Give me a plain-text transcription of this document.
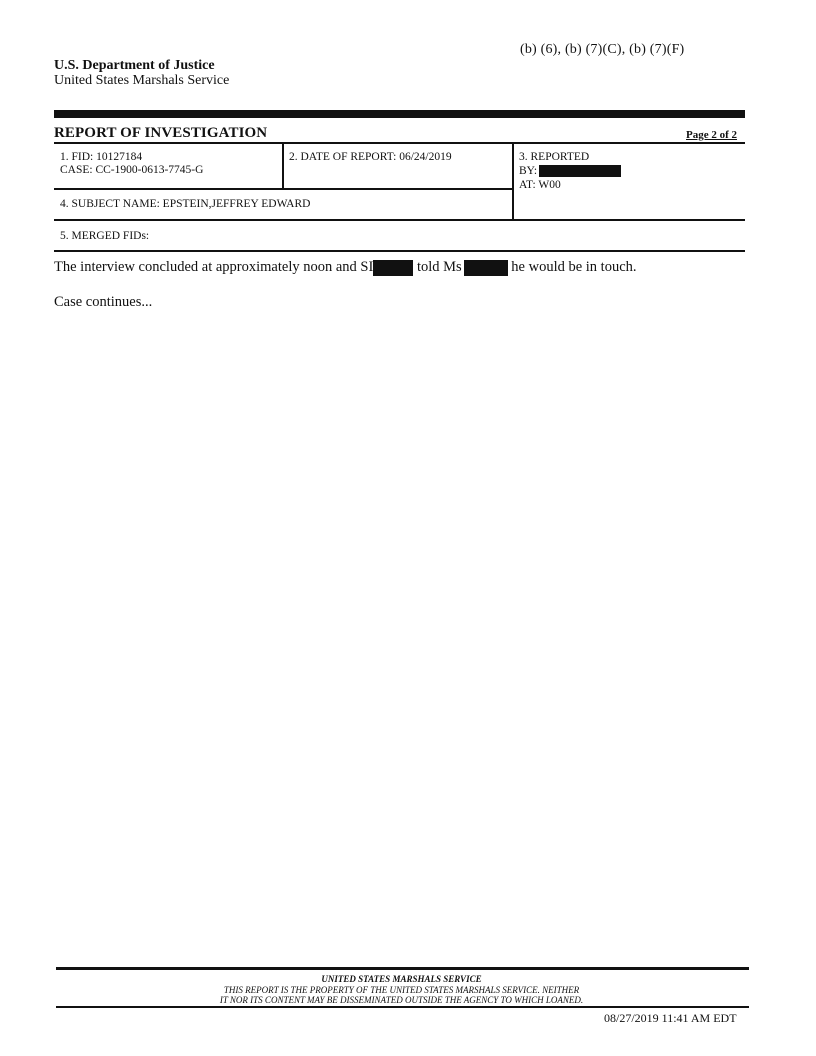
(b) (6), (b) (7)(C), (b) (7)(F)
U.S. Department of Justice
United States Marshals Service
REPORT OF INVESTIGATION	Page 2 of 2
1. FID: 10127184
CASE: CC-1900-0613-7745-G
2. DATE OF REPORT: 06/24/2019	3. REPORTED
BY:
AT: W00
4. SUBJECT NAME: EPSTEIN,JEFFREY EDWARD
5. MERGED FIDs:
The interview concluded at approximately noon and SI	told Ms	he would be in touch.
Case continues...
UNITED STATES MARSHALS SERVICE
THIS REPORT IS THE PROPERTY OF THE UNITED STATES MARSHALS SERVICE. NEITHER
IT NOR ITS CONTENT MAY BE DISSEMINATED OUTSIDE THE AGENCY TO WHICH LOANED.
08/27/2019 11:41 AM EDT
